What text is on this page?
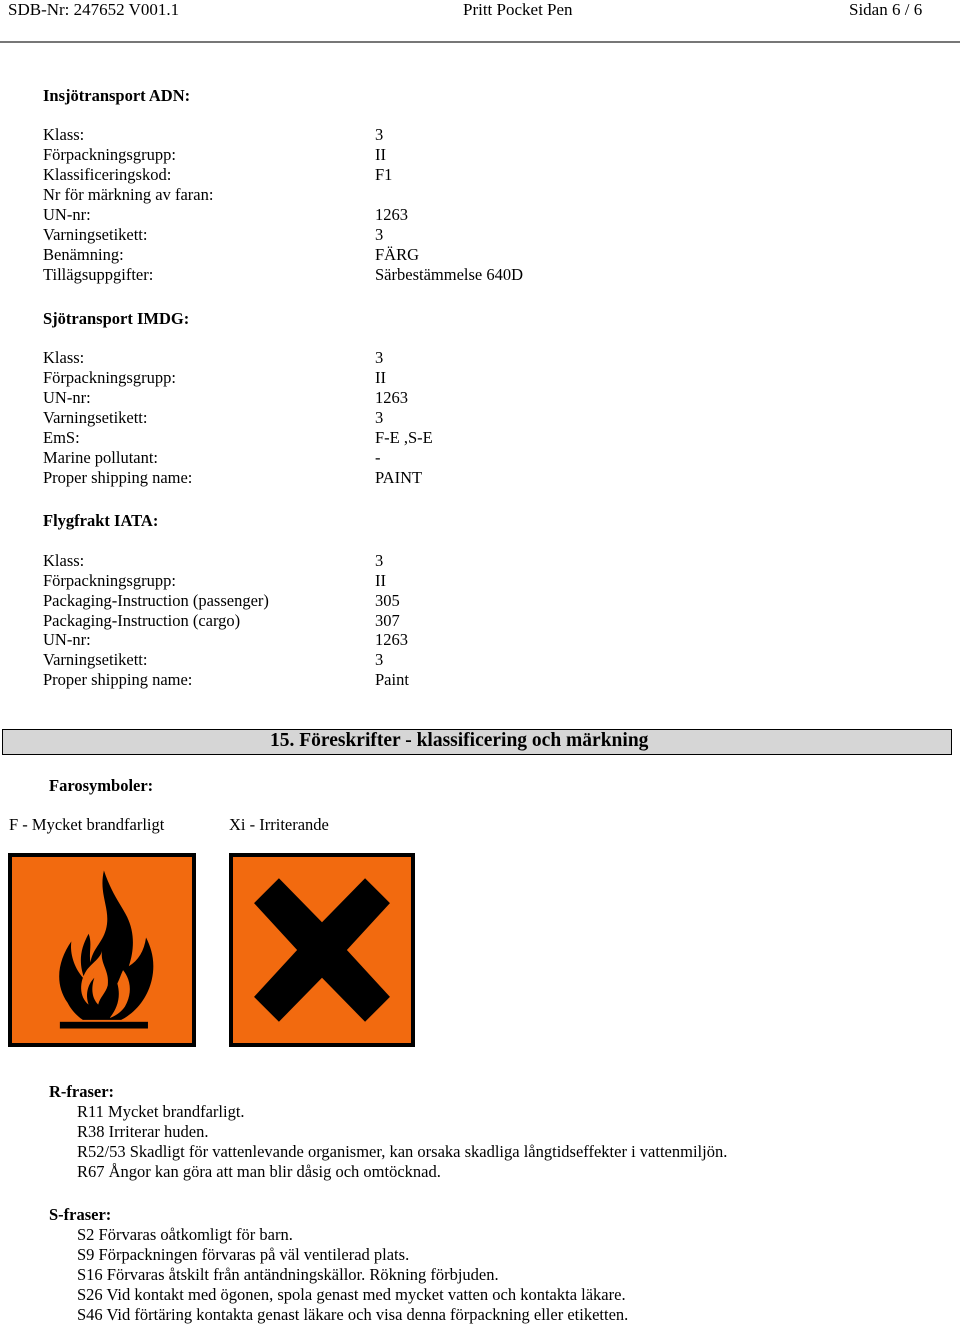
SDB-Nr: 247652 V001.1	Pritt Pocket Pen	Sidan 6 / 6
Insjötransport ADN:
Klass:	3
Förpackningsgrupp:	II
Klassificeringskod:	F1
Nr för märkning av faran:
UN-nr:	1263
Varningsetikett:	3
Benämning:	FÄRG
Tillägsuppgifter:	Särbestämmelse 640D
Sjötransport IMDG:
Klass:	3
Förpackningsgrupp:	II
UN-nr:	1263
Varningsetikett:	3
EmS:	F-E ,S-E
Marine pollutant:	-
Proper shipping name:	PAINT
Flygfrakt IATA:
Klass:	3
Förpackningsgrupp:	II
Packaging-Instruction (passenger)	305
Packaging-Instruction (cargo)	307
UN-nr:	1263
Varningsetikett:	3
Proper shipping name:	Paint
15. Föreskrifter - klassificering och märkning
Farosymboler:
F - Mycket brandfarligt	Xi - Irriterande
R-fraser:
R11 Mycket brandfarligt.
R38 Irriterar huden.
R52/53 Skadligt för vattenlevande organismer, kan orsaka skadliga långtidseffekter i vattenmiljön.
R67 Ångor kan göra att man blir dåsig och omtöcknad.
S-fraser:
S2 Förvaras oåtkomligt för barn.
S9 Förpackningen förvaras på väl ventilerad plats.
S16 Förvaras åtskilt från antändningskällor. Rökning förbjuden.
S26 Vid kontakt med ögonen, spola genast med mycket vatten och kontakta läkare.
S46 Vid förtäring kontakta genast läkare och visa denna förpackning eller etiketten.
